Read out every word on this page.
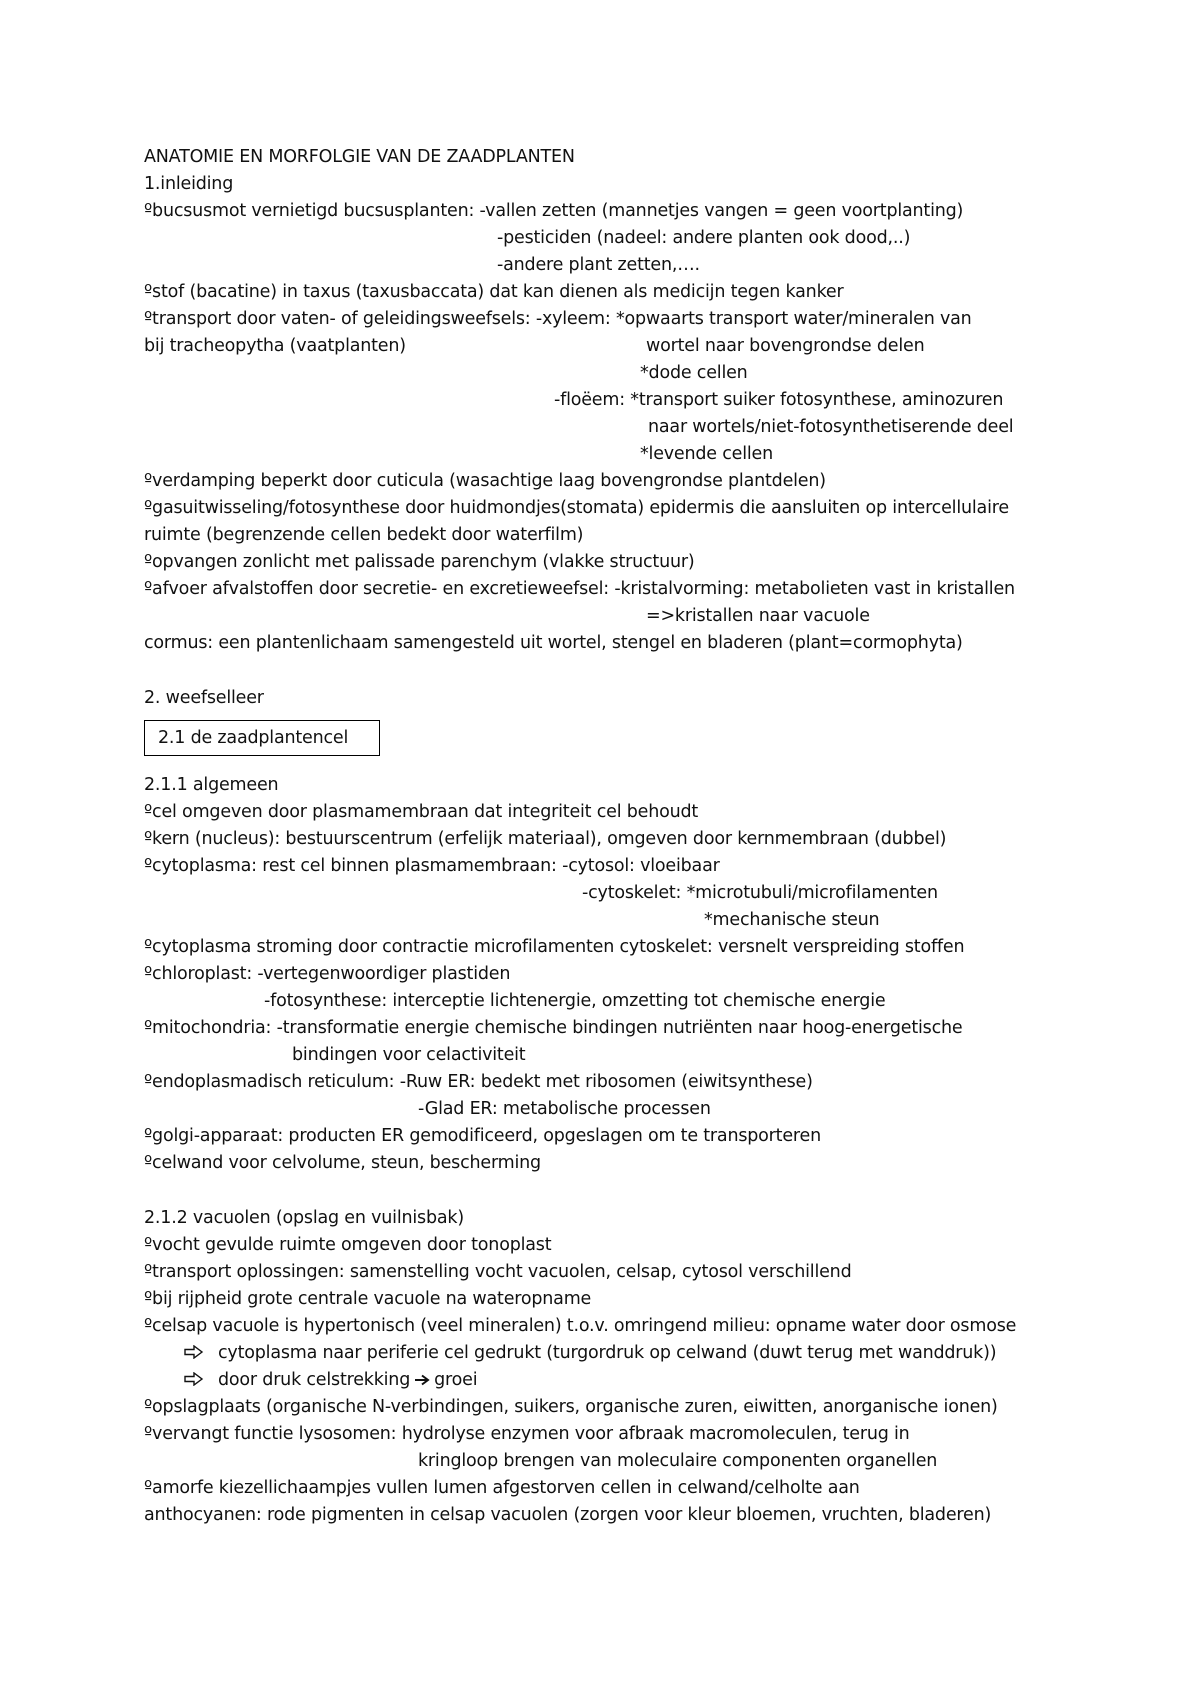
ANATOMIE EN MORFOLGIE VAN DE ZAADPLANTEN
1.inleiding
ºbucsusmot vernietigd bucsusplanten: -vallen zetten (mannetjes vangen = geen voortplanting)
-pesticiden (nadeel: andere planten ook dood,..)
-andere plant zetten,….
ºstof (bacatine) in taxus (taxusbaccata) dat kan dienen als medicijn tegen kanker
ºtransport door vaten- of geleidingsweefsels: -xyleem: *opwaarts transport water/mineralen van
bij tracheopytha (vaatplanten)	wortel naar bovengrondse delen
*dode cellen
-floëem: *transport suiker fotosynthese, aminozuren
naar wortels/niet-fotosynthetiserende deel
*levende cellen
ºverdamping beperkt door cuticula (wasachtige laag bovengrondse plantdelen)
ºgasuitwisseling/fotosynthese door huidmondjes(stomata) epidermis die aansluiten op intercellulaire
ruimte (begrenzende cellen bedekt door waterfilm)
ºopvangen zonlicht met palissade parenchym (vlakke structuur)
ºafvoer afvalstoffen door secretie- en excretieweefsel: -kristalvorming: metabolieten vast in kristallen
=>kristallen naar vacuole
cormus: een plantenlichaam samengesteld uit wortel, stengel en bladeren (plant=cormophyta)
2. weefselleer
2.1 de zaadplantencel
2.1.1 algemeen
ºcel omgeven door plasmamembraan dat integriteit cel behoudt
ºkern (nucleus): bestuurscentrum (erfelijk materiaal), omgeven door kernmembraan (dubbel)
ºcytoplasma: rest cel binnen plasmamembraan: -cytosol: vloeibaar
-cytoskelet: *microtubuli/microfilamenten
*mechanische steun
ºcytoplasma stroming door contractie microfilamenten cytoskelet: versnelt verspreiding stoffen
ºchloroplast: -vertegenwoordiger plastiden
-fotosynthese: interceptie lichtenergie, omzetting tot chemische energie
ºmitochondria: -transformatie energie chemische bindingen nutriënten naar hoog-energetische
bindingen voor celactiviteit
ºendoplasmadisch reticulum: -Ruw ER: bedekt met ribosomen (eiwitsynthese)
-Glad ER: metabolische processen
ºgolgi-apparaat: producten ER gemodificeerd, opgeslagen om te transporteren
ºcelwand voor celvolume, steun, bescherming
2.1.2 vacuolen (opslag en vuilnisbak)
ºvocht gevulde ruimte omgeven door tonoplast
ºtransport oplossingen: samenstelling vocht vacuolen, celsap, cytosol verschillend
ºbij rijpheid grote centrale vacuole na wateropname
ºcelsap vacuole is hypertonisch (veel mineralen) t.o.v. omringend milieu: opname water door osmose
cytoplasma naar periferie cel gedrukt (turgordruk op celwand (duwt terug met wanddruk))
door druk celstrekking groei
ºopslagplaats (organische N-verbindingen, suikers, organische zuren, eiwitten, anorganische ionen)
ºvervangt functie lysosomen: hydrolyse enzymen voor afbraak macromoleculen, terug in
kringloop brengen van moleculaire componenten organellen
ºamorfe kiezellichaampjes vullen lumen afgestorven cellen in celwand/celholte aan
anthocyanen: rode pigmenten in celsap vacuolen (zorgen voor kleur bloemen, vruchten, bladeren)
